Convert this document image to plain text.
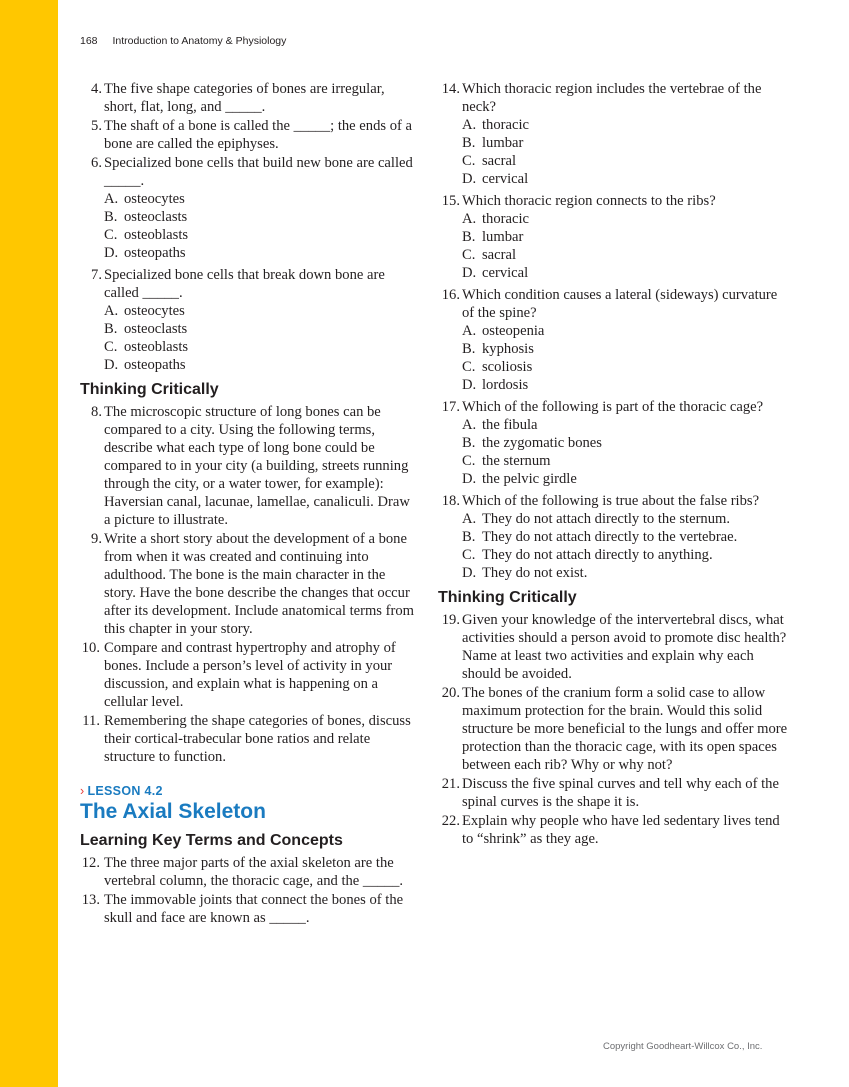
168 Introduction to Anatomy & Physiology
4. The five shape categories of bones are irregular, short, flat, long, and _____.
5. The shaft of a bone is called the _____; the ends of a bone are called the epiphyses.
6. Specialized bone cells that build new bone are called _____.
A. osteocytes
B. osteoclasts
C. osteoblasts
D. osteopaths
7. Specialized bone cells that break down bone are called _____.
A. osteocytes
B. osteoclasts
C. osteoblasts
D. osteopaths
Thinking Critically
8. The microscopic structure of long bones can be compared to a city. Using the following terms, describe what each type of long bone could be compared to in your city (a building, streets running through the city, or a water tower, for example): Haversian canal, lacunae, lamellae, canaliculi. Draw a picture to illustrate.
9. Write a short story about the development of a bone from when it was created and continuing into adulthood. The bone is the main character in the story. Have the bone describe the changes that occur after its development. Include anatomical terms from this chapter in your story.
10. Compare and contrast hypertrophy and atrophy of bones. Include a person’s level of activity in your discussion, and explain what is happening on a cellular level.
11. Remembering the shape categories of bones, discuss their cortical-trabecular bone ratios and relate structure to function.
› LESSON 4.2
The Axial Skeleton
Learning Key Terms and Concepts
12. The three major parts of the axial skeleton are the vertebral column, the thoracic cage, and the _____.
13. The immovable joints that connect the bones of the skull and face are known as _____.
14. Which thoracic region includes the vertebrae of the neck?
A. thoracic
B. lumbar
C. sacral
D. cervical
15. Which thoracic region connects to the ribs?
A. thoracic
B. lumbar
C. sacral
D. cervical
16. Which condition causes a lateral (sideways) curvature of the spine?
A. osteopenia
B. kyphosis
C. scoliosis
D. lordosis
17. Which of the following is part of the thoracic cage?
A. the fibula
B. the zygomatic bones
C. the sternum
D. the pelvic girdle
18. Which of the following is true about the false ribs?
A. They do not attach directly to the sternum.
B. They do not attach directly to the vertebrae.
C. They do not attach directly to anything.
D. They do not exist.
Thinking Critically
19. Given your knowledge of the intervertebral discs, what activities should a person avoid to promote disc health? Name at least two activities and explain why each should be avoided.
20. The bones of the cranium form a solid case to allow maximum protection for the brain. Would this solid structure be more beneficial to the lungs and offer more protection than the thoracic cage, with its open spaces between each rib? Why or why not?
21. Discuss the five spinal curves and tell why each of the spinal curves is the shape it is.
22. Explain why people who have led sedentary lives tend to “shrink” as they age.
Copyright Goodheart-Willcox Co., Inc.
